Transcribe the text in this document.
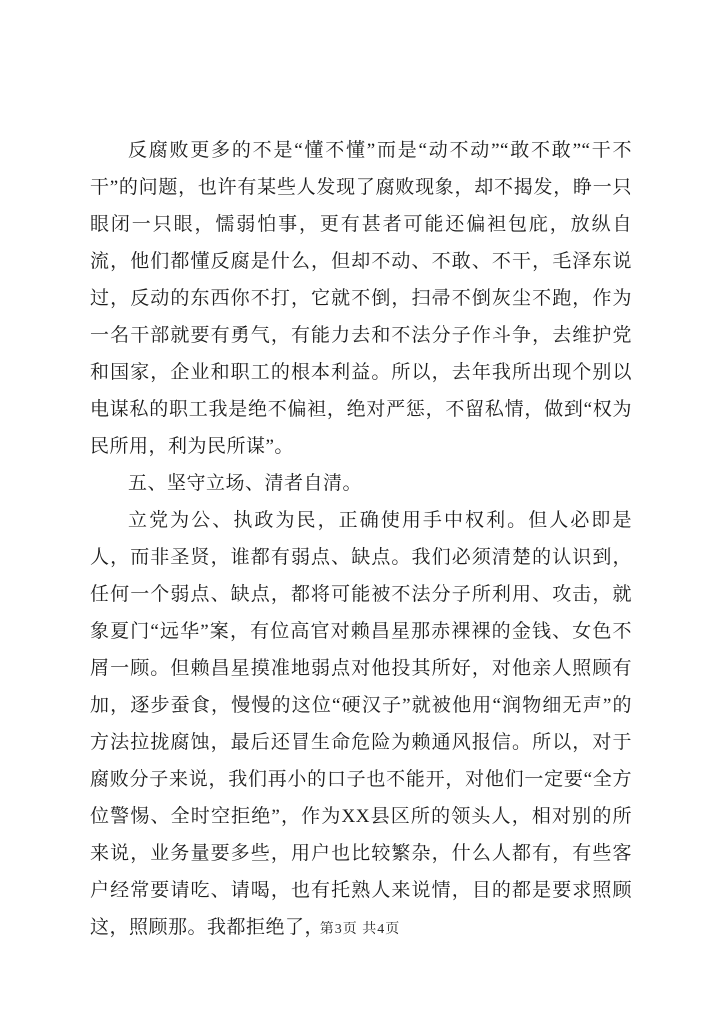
反腐败更多的不是“懂不懂”而是“动不动”“敢不敢”“干不干”的问题，也许有某些人发现了腐败现象，却不揭发，睁一只眼闭一只眼，懦弱怕事，更有甚者可能还偏袒包庇，放纵自流，他们都懂反腐是什么，但却不动、不敢、不干，毛泽东说过，反动的东西你不打，它就不倒，扫帚不倒灰尘不跑，作为一名干部就要有勇气，有能力去和不法分子作斗争，去维护党和国家，企业和职工的根本利益。所以，去年我所出现个别以电谋私的职工我是绝不偏袒，绝对严惩，不留私情，做到“权为民所用，利为民所谋”。

五、坚守立场、清者自清。

立党为公、执政为民，正确使用手中权利。但人必即是人，而非圣贤，谁都有弱点、缺点。我们必须清楚的认识到，任何一个弱点、缺点，都将可能被不法分子所利用、攻击，就象夏门“远华”案，有位高官对赖昌星那赤裸裸的金钱、女色不屑一顾。但赖昌星摸准地弱点对他投其所好，对他亲人照顾有加，逐步蚕食，慢慢的这位“硬汉子”就被他用“润物细无声”的方法拉拢腐蚀，最后还冒生命危险为赖通风报信。所以，对于腐败分子来说，我们再小的口子也不能开，对他们一定要“全方位警惕、全时空拒绝”，作为XX县区所的领头人，相对别的所来说，业务量要多些，用户也比较繁杂，什么人都有，有些客户经常要请吃、请喝，也有托熟人来说情，目的都是要求照顾这，照顾那。我都拒绝了，

第3页 共4页
